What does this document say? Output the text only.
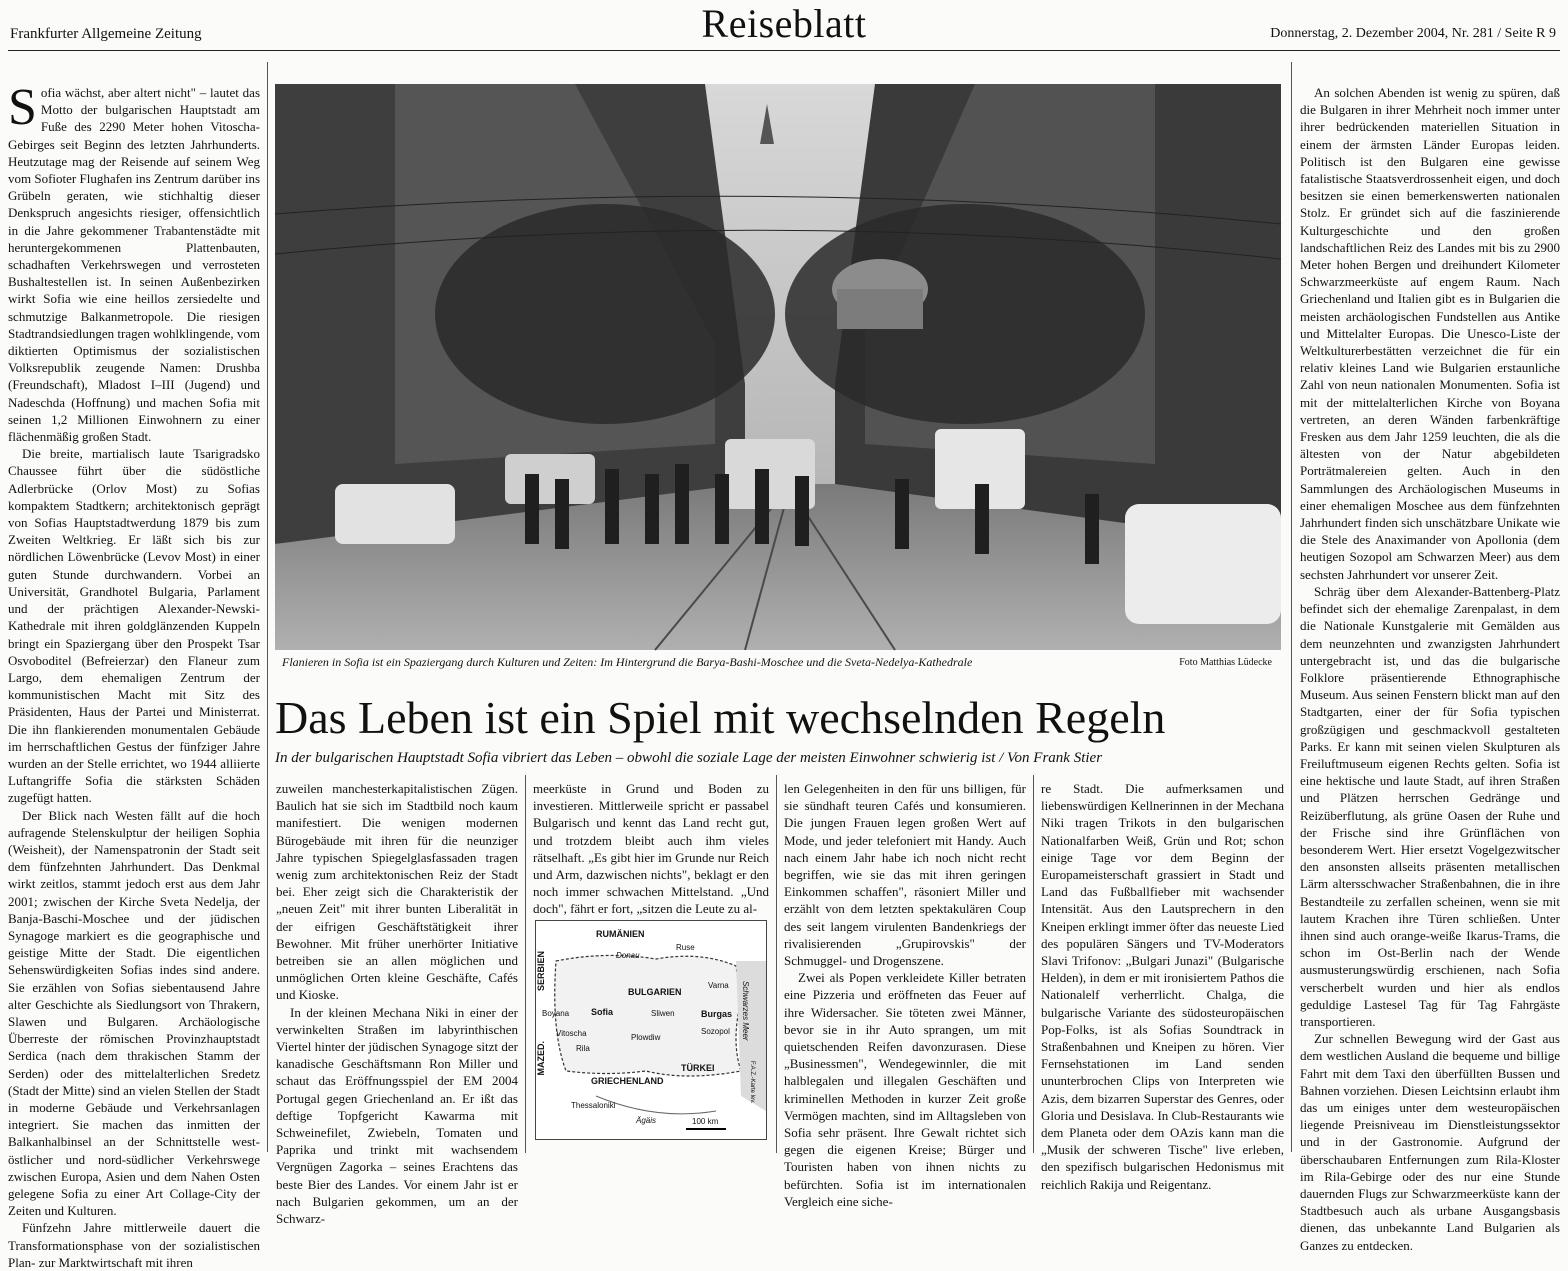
Frankfurter Allgemeine Zeitung	Reiseblatt	Donnerstag, 2. Dezember 2004, Nr. 281 / Seite R 9

Sofia wächst, aber altert nicht" – lautet das Motto der bulgarischen Hauptstadt am Fuße des 2290 Meter hohen Vitoscha-Gebirges seit Beginn des letzten Jahrhunderts. Heutzutage mag der Reisende auf seinem Weg vom Sofioter Flughafen ins Zentrum darüber ins Grübeln geraten, wie stichhaltig dieser Denkspruch angesichts riesiger, offensichtlich in die Jahre gekommener Trabantenstädte mit heruntergekommenen Plattenbauten, schadhaften Verkehrswegen und verrosteten Bushaltestellen ist. In seinen Außenbezirken wirkt Sofia wie eine heillos zersiedelte und schmutzige Balkanmetropole. Die riesigen Stadtrandsiedlungen tragen wohlklingende, vom diktierten Optimismus der sozialistischen Volksrepublik zeugende Namen: Drushba (Freundschaft), Mladost I–III (Jugend) und Nadeschda (Hoffnung) und machen Sofia mit seinen 1,2 Millionen Einwohnern zu einer flächenmäßig großen Stadt.

Die breite, martialisch laute Tsarigradsko Chaussee führt über die südöstliche Adlerbrücke (Orlov Most) zu Sofias kompaktem Stadtkern; architektonisch geprägt von Sofias Hauptstadtwerdung 1879 bis zum Zweiten Weltkrieg. Er läßt sich bis zur nördlichen Löwenbrücke (Levov Most) in einer guten Stunde durchwandern. Vorbei an Universität, Grandhotel Bulgaria, Parlament und der prächtigen Alexander-Newski-Kathedrale mit ihren goldglänzenden Kuppeln bringt ein Spaziergang über den Prospekt Tsar Osvoboditel (Befreierzar) den Flaneur zum Largo, dem ehemaligen Zentrum der kommunistischen Macht mit Sitz des Präsidenten, Haus der Partei und Ministerrat. Die ihn flankierenden monumentalen Gebäude im herrschaftlichen Gestus der fünfziger Jahre wurden an der Stelle errichtet, wo 1944 alliierte Luftangriffe Sofia die stärksten Schäden zugefügt hatten.

Der Blick nach Westen fällt auf die hoch aufragende Stelenskulptur der heiligen Sophia (Weisheit), der Namenspatronin der Stadt seit dem fünfzehnten Jahrhundert. Das Denkmal wirkt zeitlos, stammt jedoch erst aus dem Jahr 2001; zwischen der Kirche Sveta Nedelja, der Banja-Baschi-Moschee und der jüdischen Synagoge markiert es die geographische und geistige Mitte der Stadt. Die eigentlichen Sehenswürdigkeiten Sofias indes sind andere. Sie erzählen von Sofias siebentausend Jahre alter Geschichte als Siedlungsort von Thrakern, Slawen und Bulgaren. Archäologische Überreste der römischen Provinzhauptstadt Serdica (nach dem thrakischen Stamm der Serden) oder des mittelalterlichen Sredetz (Stadt der Mitte) sind an vielen Stellen der Stadt in moderne Gebäude und Verkehrsanlagen integriert. Sie machen das inmitten der Balkanhalbinsel an der Schnittstelle west-östlicher und nord-südlicher Verkehrswege zwischen Europa, Asien und dem Nahen Osten gelegene Sofia zu einer Art Collage-City der Zeiten und Kulturen.

Fünfzehn Jahre mittlerweile dauert die Transformationsphase von der sozialistischen Plan- zur Marktwirtschaft mit ihren

Flanieren in Sofia ist ein Spaziergang durch Kulturen und Zeiten: Im Hintergrund die Barya-Bashi-Moschee und die Sveta-Nedelya-Kathedrale	Foto Matthias Lüdecke
Das Leben ist ein Spiel mit wechselnden Regeln
In der bulgarischen Hauptstadt Sofia vibriert das Leben – obwohl die soziale Lage der meisten Einwohner schwierig ist / Von Frank Stier

zuweilen manchesterkapitalistischen Zügen. Baulich hat sie sich im Stadtbild noch kaum manifestiert. Die wenigen modernen Bürogebäude mit ihren für die neunziger Jahre typischen Spiegelglasfassaden tragen wenig zum architektonischen Reiz der Stadt bei. Eher zeigt sich die Charakteristik der „neuen Zeit" mit ihrer bunten Liberalität in der eifrigen Geschäftstätigkeit ihrer Bewohner. Mit früher unerhörter Initiative betreiben sie an allen möglichen und unmöglichen Orten kleine Geschäfte, Cafés und Kioske.

In der kleinen Mechana Niki in einer der verwinkelten Straßen im labyrinthischen Viertel hinter der jüdischen Synagoge sitzt der kanadische Geschäftsmann Ron Miller und schaut das Eröffnungsspiel der EM 2004 Portugal gegen Griechenland an. Er ißt das deftige Topfgericht Kawarma mit Schweinefilet, Zwiebeln, Tomaten und Paprika und trinkt mit wachsendem Vergnügen Zagorka – seines Erachtens das beste Bier des Landes. Vor einem Jahr ist er nach Bulgarien gekommen, um an der Schwarz-

meerküste in Grund und Boden zu investieren. Mittlerweile spricht er passabel Bulgarisch und kennt das Land recht gut, und trotzdem bleibt auch ihm vieles rätselhaft. „Es gibt hier im Grunde nur Reich und Arm, dazwischen nichts", beklagt er den noch immer schwachen Mittelstand. „Und doch", fährt er fort, „sitzen die Leute zu al-

RUMÄNIEN
Donau
SERBIEN
Ruse
Varna
BULGARIEN
Sofia
Boyana	Sliwen	Burgas
Vitoscha	Plowdiw
Sozopol
Rila
Schwarzes Meer
MAZED.	TÜRKEI
GRIECHENLAND
Thessaloniki
Ägäis	100 km
F.A.Z.-Karte lev.

len Gelegenheiten in den für uns billigen, für sie sündhaft teuren Cafés und konsumieren. Die jungen Frauen legen großen Wert auf Mode, und jeder telefoniert mit Handy. Auch nach einem Jahr habe ich noch nicht recht begriffen, wie sie das mit ihren geringen Einkommen schaffen", räsoniert Miller und erzählt von dem letzten spektakulären Coup des seit langem virulenten Bandenkriegs der rivalisierenden „Grupirovskis" der Schmuggel- und Drogenszene.

Zwei als Popen verkleidete Killer betraten eine Pizzeria und eröffneten das Feuer auf ihre Widersacher. Sie töteten zwei Männer, bevor sie in ihr Auto sprangen, um mit quietschenden Reifen davonzurasen. Diese „Businessmen", Wendegewinnler, die mit halblegalen und illegalen Geschäften und kriminellen Methoden in kurzer Zeit große Vermögen machten, sind im Alltagsleben von Sofia sehr präsent. Ihre Gewalt richtet sich gegen die eigenen Kreise; Bürger und Touristen haben von ihnen nichts zu befürchten. Sofia ist im internationalen Vergleich eine siche-

re Stadt. Die aufmerksamen und liebenswürdigen Kellnerinnen in der Mechana Niki tragen Trikots in den bulgarischen Nationalfarben Weiß, Grün und Rot; schon einige Tage vor dem Beginn der Europameisterschaft grassiert in Stadt und Land das Fußballfieber mit wachsender Intensität. Aus den Lautsprechern in den Kneipen erklingt immer öfter das neueste Lied des populären Sängers und TV-Moderators Slavi Trifonov: „Bulgari Junazi" (Bulgarische Helden), in dem er mit ironisiertem Pathos die Nationalelf verherrlicht. Chalga, die bulgarische Variante des südosteuropäischen Pop-Folks, ist als Sofias Soundtrack in Straßenbahnen und Kneipen zu hören. Vier Fernsehstationen im Land senden ununterbrochen Clips von Interpreten wie Azis, dem bizarren Superstar des Genres, oder Gloria und Desislava. In Club-Restaurants wie dem Planeta oder dem OAzis kann man die „Musik der schweren Tische" live erleben, den spezifisch bulgarischen Hedonismus mit reichlich Rakija und Reigentanz.

An solchen Abenden ist wenig zu spüren, daß die Bulgaren in ihrer Mehrheit noch immer unter ihrer bedrückenden materiellen Situation in einem der ärmsten Länder Europas leiden. Politisch ist den Bulgaren eine gewisse fatalistische Staatsverdrossenheit eigen, und doch besitzen sie einen bemerkenswerten nationalen Stolz. Er gründet sich auf die faszinierende Kulturgeschichte und den großen landschaftlichen Reiz des Landes mit bis zu 2900 Meter hohen Bergen und dreihundert Kilometer Schwarzmeerküste auf engem Raum. Nach Griechenland und Italien gibt es in Bulgarien die meisten archäologischen Fundstellen aus Antike und Mittelalter Europas. Die Unesco-Liste der Weltkulturerbestätten verzeichnet die für ein relativ kleines Land wie Bulgarien erstaunliche Zahl von neun nationalen Monumenten. Sofia ist mit der mittelalterlichen Kirche von Boyana vertreten, an deren Wänden farbenkräftige Fresken aus dem Jahr 1259 leuchten, die als die ältesten von der Natur abgebildeten Porträtmalereien gelten. Auch in den Sammlungen des Archäologischen Museums in einer ehemaligen Moschee aus dem fünfzehnten Jahrhundert finden sich unschätzbare Unikate wie die Stele des Anaximander von Apollonia (dem heutigen Sozopol am Schwarzen Meer) aus dem sechsten Jahrhundert vor unserer Zeit.

Schräg über dem Alexander-Battenberg-Platz befindet sich der ehemalige Zarenpalast, in dem die Nationale Kunstgalerie mit Gemälden aus dem neunzehnten und zwanzigsten Jahrhundert untergebracht ist, und das die bulgarische Folklore präsentierende Ethnographische Museum. Aus seinen Fenstern blickt man auf den Stadtgarten, einer der für Sofia typischen großzügigen und geschmackvoll gestalteten Parks. Er kann mit seinen vielen Skulpturen als Freiluftmuseum eigenen Rechts gelten. Sofia ist eine hektische und laute Stadt, auf ihren Straßen und Plätzen herrschen Gedränge und Reizüberflutung, als grüne Oasen der Ruhe und der Frische sind ihre Grünflächen von besonderem Wert. Hier ersetzt Vogelgezwitscher den ansonsten allseits präsenten metallischen Lärm altersschwacher Straßenbahnen, die in ihre Bestandteile zu zerfallen scheinen, wenn sie mit lautem Krachen ihre Türen schließen. Unter ihnen sind auch orange-weiße Ikarus-Trams, die schon im Ost-Berlin nach der Wende ausmusterungswürdig erschienen, nach Sofia verscherbelt wurden und hier als endlos geduldige Lastesel Tag für Tag Fahrgäste transportieren.

Zur schnellen Bewegung wird der Gast aus dem westlichen Ausland die bequeme und billige Fahrt mit dem Taxi den überfüllten Bussen und Bahnen vorziehen. Diesen Leichtsinn erlaubt ihm das um einiges unter dem westeuropäischen liegende Preisniveau im Dienstleistungssektor und in der Gastronomie. Aufgrund der überschaubaren Entfernungen zum Rila-Kloster im Rila-Gebirge oder des nur eine Stunde dauernden Flugs zur Schwarzmeerküste kann der Stadtbesuch auch als urbane Ausgangsbasis dienen, das unbekannte Land Bulgarien als Ganzes zu entdecken.
